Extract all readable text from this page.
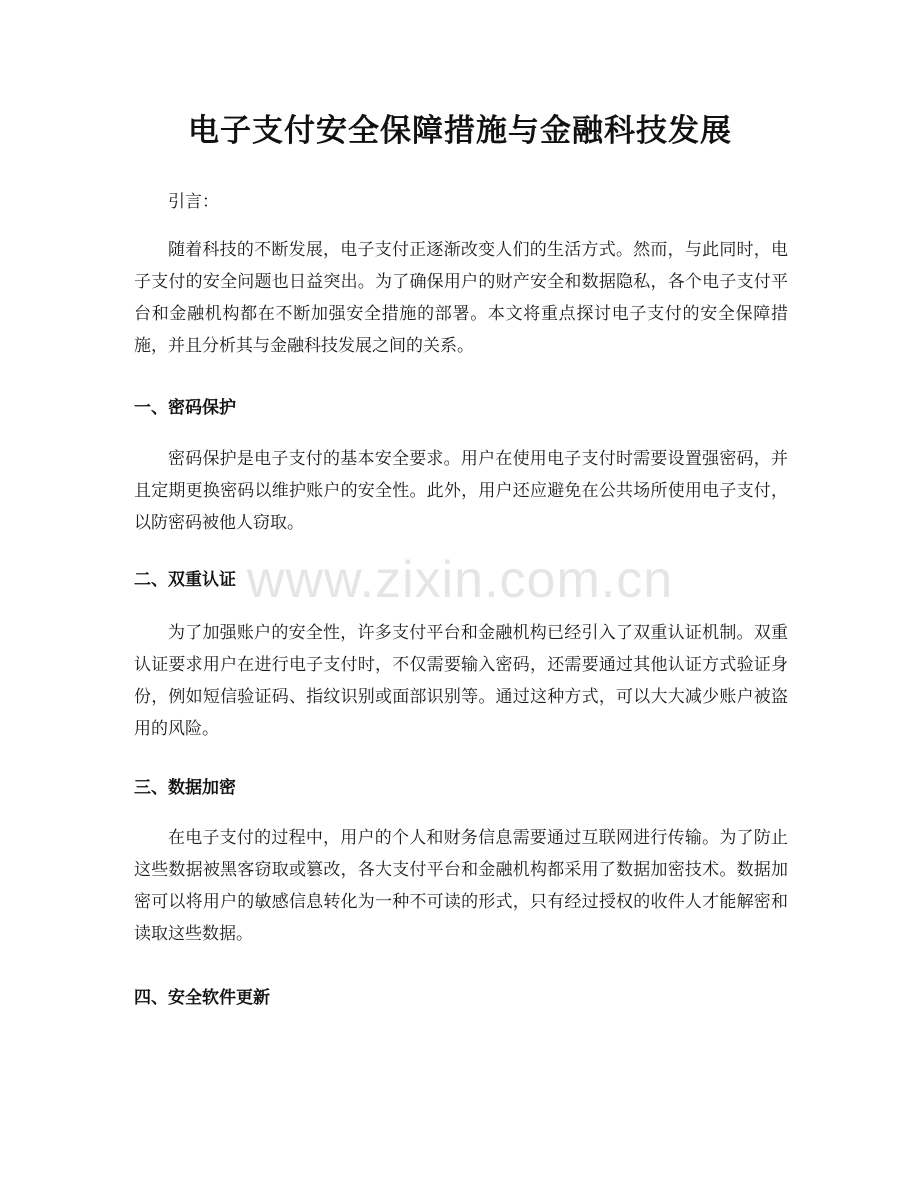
电子支付安全保障措施与金融科技发展

引言：

随着科技的不断发展，电子支付正逐渐改变人们的生活方式。然而，与此同时，电子支付的安全问题也日益突出。为了确保用户的财产安全和数据隐私，各个电子支付平台和金融机构都在不断加强安全措施的部署。本文将重点探讨电子支付的安全保障措施，并且分析其与金融科技发展之间的关系。

一、密码保护

密码保护是电子支付的基本安全要求。用户在使用电子支付时需要设置强密码，并且定期更换密码以维护账户的安全性。此外，用户还应避免在公共场所使用电子支付，以防密码被他人窃取。

二、双重认证

为了加强账户的安全性，许多支付平台和金融机构已经引入了双重认证机制。双重认证要求用户在进行电子支付时，不仅需要输入密码，还需要通过其他认证方式验证身份，例如短信验证码、指纹识别或面部识别等。通过这种方式，可以大大减少账户被盗用的风险。

三、数据加密

在电子支付的过程中，用户的个人和财务信息需要通过互联网进行传输。为了防止这些数据被黑客窃取或篡改，各大支付平台和金融机构都采用了数据加密技术。数据加密可以将用户的敏感信息转化为一种不可读的形式，只有经过授权的收件人才能解密和读取这些数据。

四、安全软件更新
www.zixin.com.cn
